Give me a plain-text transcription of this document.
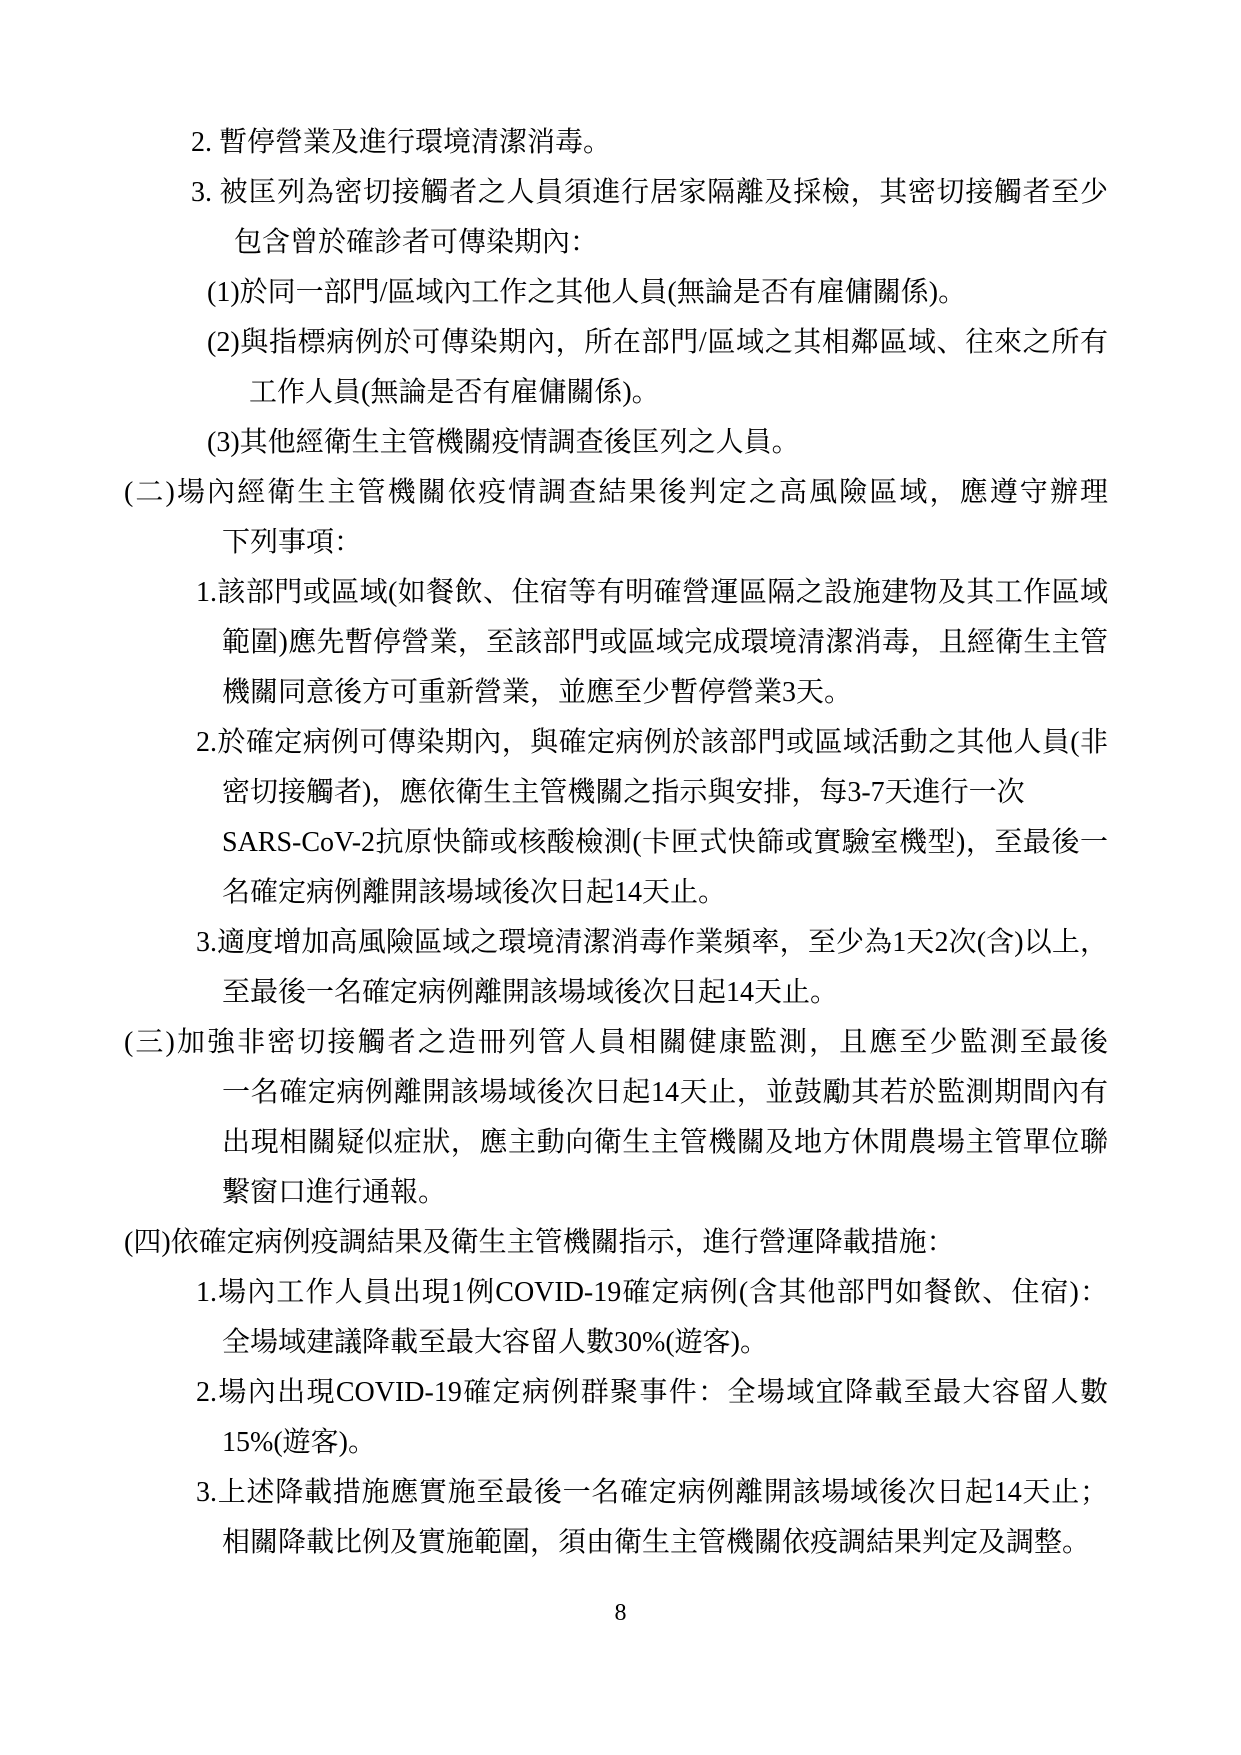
2. 暫停營業及進行環境清潔消毒。
3. 被匡列為密切接觸者之人員須進行居家隔離及採檢，其密切接觸者至少
包含曾於確診者可傳染期內：
(1)於同一部門/區域內工作之其他人員(無論是否有雇傭關係)。
(2)與指標病例於可傳染期內，所在部門/區域之其相鄰區域、往來之所有
工作人員(無論是否有雇傭關係)。
(3)其他經衛生主管機關疫情調查後匡列之人員。
(二)場內經衛生主管機關依疫情調查結果後判定之高風險區域，應遵守辦理
下列事項：
1.該部門或區域(如餐飲、住宿等有明確營運區隔之設施建物及其工作區域
範圍)應先暫停營業，至該部門或區域完成環境清潔消毒，且經衛生主管
機關同意後方可重新營業，並應至少暫停營業3天。
2.於確定病例可傳染期內，與確定病例於該部門或區域活動之其他人員(非
密切接觸者)，應依衛生主管機關之指示與安排，每3-7天進行一次
SARS-CoV-2抗原快篩或核酸檢測(卡匣式快篩或實驗室機型)，至最後一
名確定病例離開該場域後次日起14天止。
3.適度增加高風險區域之環境清潔消毒作業頻率，至少為1天2次(含)以上，
至最後一名確定病例離開該場域後次日起14天止。
(三)加強非密切接觸者之造冊列管人員相關健康監測，且應至少監測至最後
一名確定病例離開該場域後次日起14天止，並鼓勵其若於監測期間內有
出現相關疑似症狀，應主動向衛生主管機關及地方休閒農場主管單位聯
繫窗口進行通報。
(四)依確定病例疫調結果及衛生主管機關指示，進行營運降載措施：
1.場內工作人員出現1例COVID-19確定病例(含其他部門如餐飲、住宿)：
全場域建議降載至最大容留人數30%(遊客)。
2.場內出現COVID-19確定病例群聚事件：全場域宜降載至最大容留人數
15%(遊客)。
3.上述降載措施應實施至最後一名確定病例離開該場域後次日起14天止；
相關降載比例及實施範圍，須由衛生主管機關依疫調結果判定及調整。
8
